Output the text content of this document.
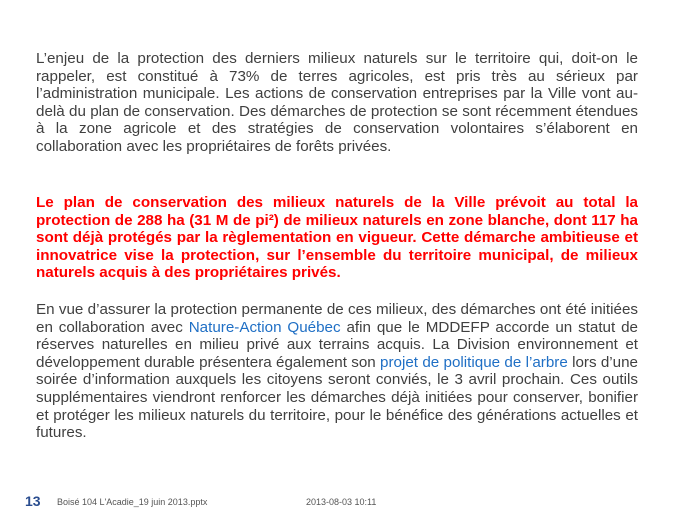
L’enjeu de la protection des derniers milieux naturels sur le territoire qui, doit-on le rappeler, est constitué à 73% de terres agricoles, est pris très au sérieux par l’administration municipale. Les actions de conservation entreprises par la Ville vont au-delà du plan de conservation. Des démarches de protection se sont récemment étendues à la zone agricole et des stratégies de conservation volontaires s’élaborent en collaboration avec les propriétaires de forêts privées.

Le plan de conservation des milieux naturels de la Ville prévoit au total la protection de 288 ha (31 M de pi²) de milieux naturels en zone blanche, dont 117 ha sont déjà protégés par la règlementation en vigueur. Cette démarche ambitieuse et innovatrice vise la protection, sur l’ensemble du territoire municipal, de milieux naturels acquis à des propriétaires privés.

En vue d’assurer la protection permanente de ces milieux, des démarches ont été initiées en collaboration avec Nature-Action Québec afin que le MDDEFP accorde un statut de réserves naturelles en milieu privé aux terrains acquis. La Division environnement et développement durable présentera également son projet de politique de l’arbre lors d’une soirée d’information auxquels les citoyens seront conviés, le 3 avril prochain. Ces outils supplémentaires viendront renforcer les démarches déjà initiées pour conserver, bonifier et protéger les milieux naturels du territoire, pour le bénéfice des générations actuelles et futures.

13 Boisé 104 L'Acadie_19 juin 2013.pptx	2013-08-03 10:11
